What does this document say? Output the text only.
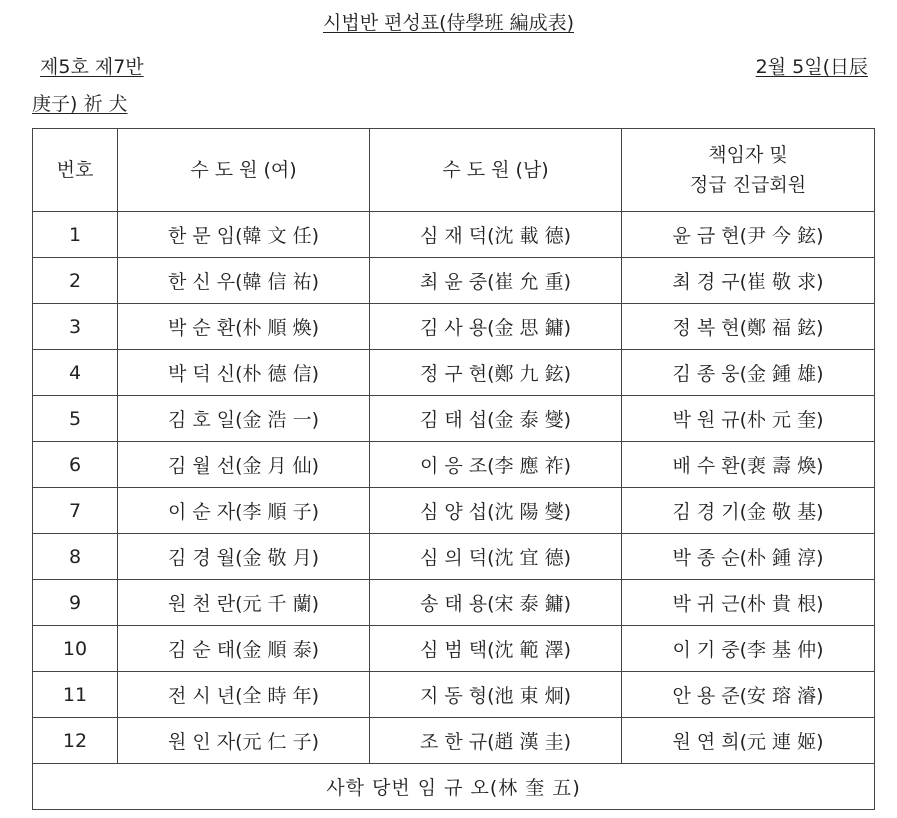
시법반 편성표(侍學班 編成表)
제5호 제7반	2월 5일(日辰
庚子) 祈 犬
번호	수 도 원 (여)	수 도 원 (남)	책임자 및
정급 진급회원

1	한 문 임(韓 文 任)	심 재 덕(沈 載 德)	윤 금 현(尹 今 鉉)
2	한 신 우(韓 信 祐)	최 윤 중(崔 允 重)	최 경 구(崔 敬 求)
3	박 순 환(朴 順 煥)	김 사 용(金 思 鏞)	정 복 현(鄭 福 鉉)
4	박 덕 신(朴 德 信)	정 구 현(鄭 九 鉉)	김 종 웅(金 鍾 雄)
5	김 호 일(金 浩 一)	김 태 섭(金 泰 燮)	박 원 규(朴 元 奎)
6	김 월 선(金 月 仙)	이 응 조(李 應 祚)	배 수 환(裵 壽 煥)
7	이 순 자(李 順 子)	심 양 섭(沈 陽 燮)	김 경 기(金 敬 基)
8	김 경 월(金 敬 月)	심 의 덕(沈 宜 德)	박 종 순(朴 鍾 淳)
9	원 천 란(元 千 蘭)	송 태 용(宋 泰 鏞)	박 귀 근(朴 貴 根)
10	김 순 태(金 順 泰)	심 범 택(沈 範 澤)	이 기 중(李 基 仲)
11	전 시 년(全 時 年)	지 동 형(池 東 炯)	안 용 준(安 瑢 濬)
12	원 인 자(元 仁 子)	조 한 규(趙 漢 圭)	원 연 희(元 連 姬)
사학 당번 임 규 오(林 奎 五)			
